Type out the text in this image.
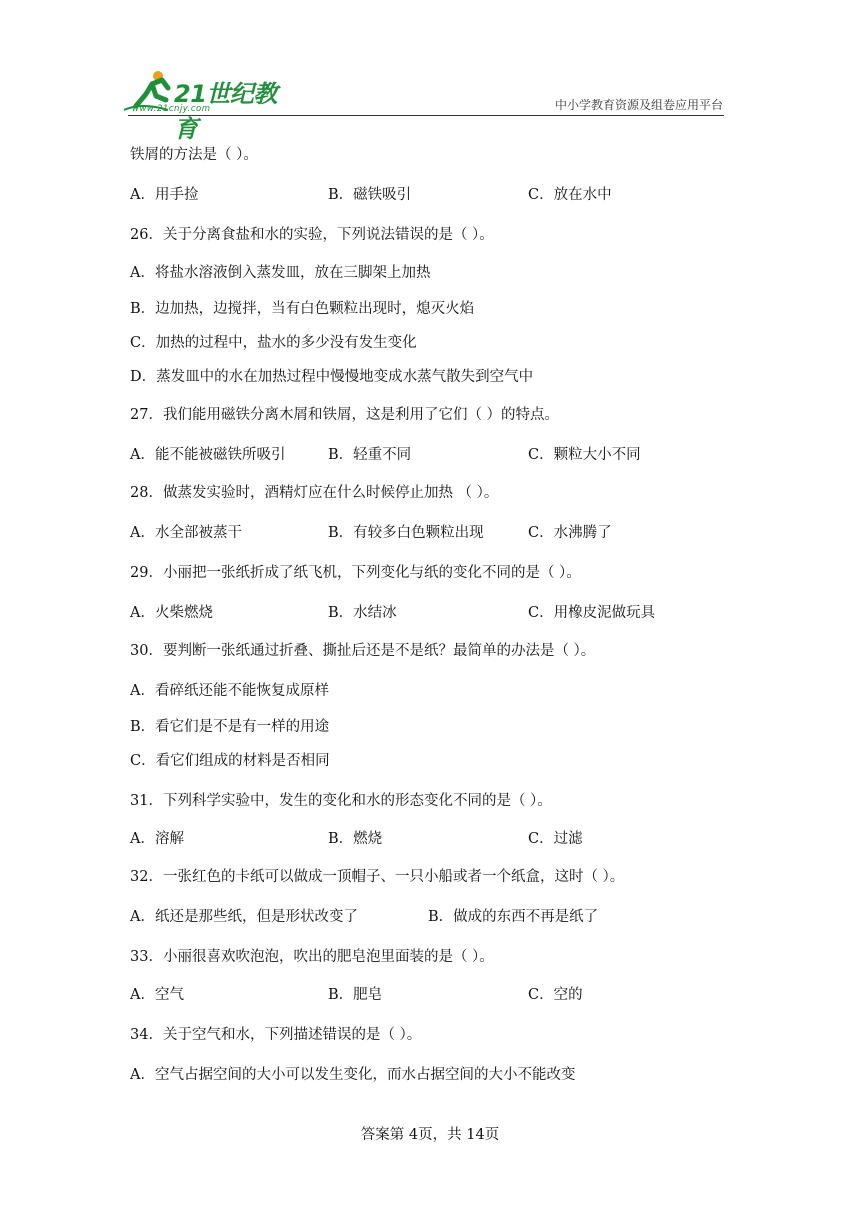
21世纪教育
www.21cnjy.com	中小学教育资源及组卷应用平台
铁屑的方法是（ ）。
A．用手捡	B．磁铁吸引	C．放在水中
26．关于分离食盐和水的实验，下列说法错误的是（ ）。
A．将盐水溶液倒入蒸发皿，放在三脚架上加热
B．边加热，边搅拌，当有白色颗粒出现时，熄灭火焰
C．加热的过程中，盐水的多少没有发生变化
D．蒸发皿中的水在加热过程中慢慢地变成水蒸气散失到空气中
27．我们能用磁铁分离木屑和铁屑，这是利用了它们（ ）的特点。
A．能不能被磁铁所吸引	B．轻重不同	C．颗粒大小不同
28．做蒸发实验时，酒精灯应在什么时候停止加热 （ ）。
A．水全部被蒸干	B．有较多白色颗粒出现	C．水沸腾了
29．小丽把一张纸折成了纸飞机，下列变化与纸的变化不同的是（ ）。
A．火柴燃烧	B．水结冰	C．用橡皮泥做玩具
30．要判断一张纸通过折叠、撕扯后还是不是纸？最简单的办法是（ ）。
A．看碎纸还能不能恢复成原样
B．看它们是不是有一样的用途
C．看它们组成的材料是否相同
31．下列科学实验中，发生的变化和水的形态变化不同的是（ ）。
A．溶解	B．燃烧	C．过滤
32．一张红色的卡纸可以做成一顶帽子、一只小船或者一个纸盒，这时（ ）。
A．纸还是那些纸，但是形状改变了	B．做成的东西不再是纸了
33．小丽很喜欢吹泡泡，吹出的肥皂泡里面装的是（ ）。
A．空气	B．肥皂	C．空的
34．关于空气和水，下列描述错误的是（ ）。
A．空气占据空间的大小可以发生变化，而水占据空间的大小不能改变
答案第 4页，共 14页
